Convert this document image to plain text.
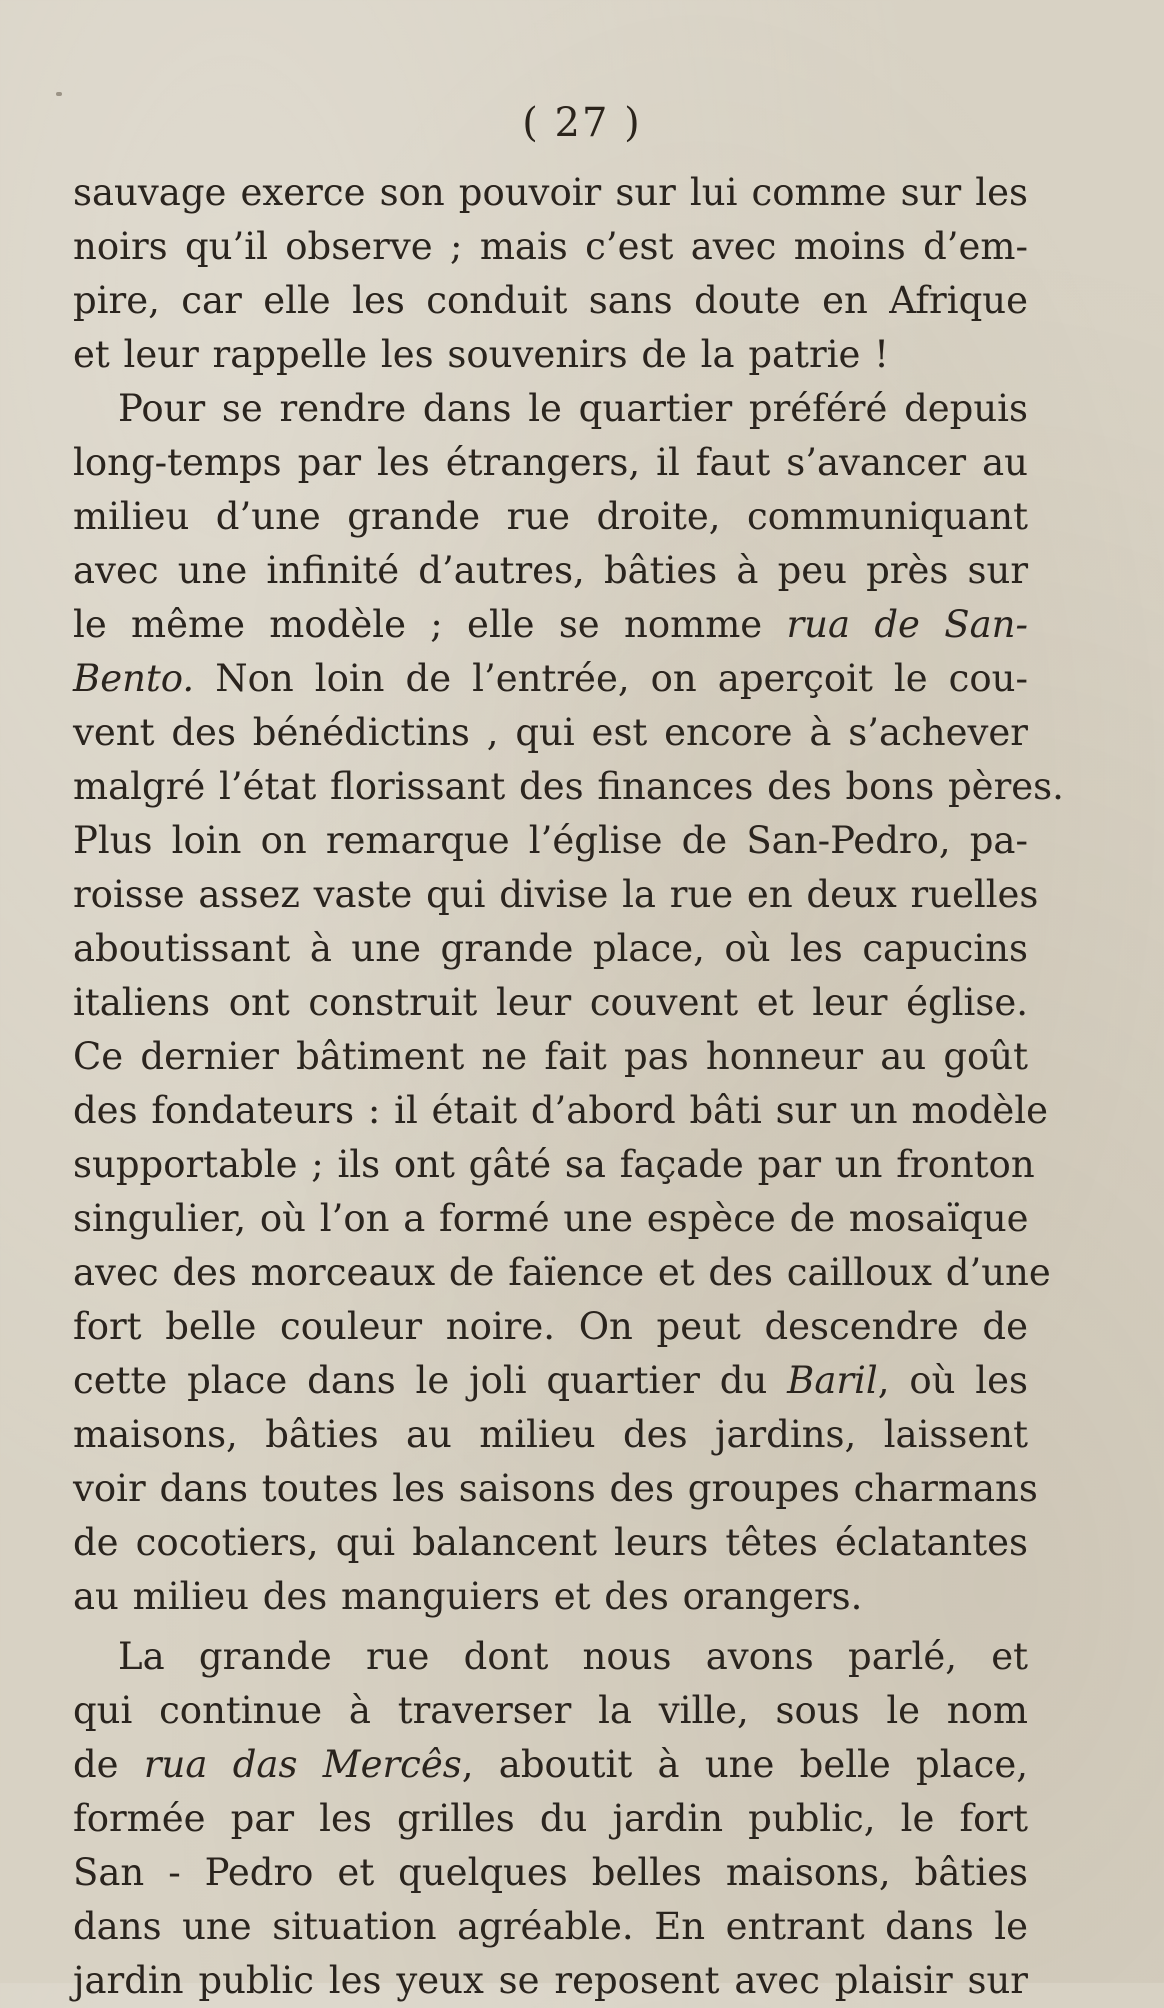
( 27 )
sauvage exerce son pouvoir sur lui comme sur les
noirs qu’il observe ; mais c’est avec moins d’em-
pire, car elle les conduit sans doute en Afrique
et leur rappelle les souvenirs de la patrie !
Pour se rendre dans le quartier préféré depuis
long-temps par les étrangers, il faut s’avancer au
milieu d’une grande rue droite, communiquant
avec une infinité d’autres, bâties à peu près sur
le même modèle ; elle se nomme rua de San-
Bento. Non loin de l’entrée, on aperçoit le cou-
vent des bénédictins , qui est encore à s’achever
malgré l’état florissant des finances des bons pères.
Plus loin on remarque l’église de San-Pedro, pa-
roisse assez vaste qui divise la rue en deux ruelles
aboutissant à une grande place, où les capucins
italiens ont construit leur couvent et leur église.
Ce dernier bâtiment ne fait pas honneur au goût
des fondateurs : il était d’abord bâti sur un modèle
supportable ; ils ont gâté sa façade par un fronton
singulier, où l’on a formé une espèce de mosaïque
avec des morceaux de faïence et des cailloux d’une
fort belle couleur noire. On peut descendre de
cette place dans le joli quartier du Baril, où les
maisons, bâties au milieu des jardins, laissent
voir dans toutes les saisons des groupes charmans
de cocotiers, qui balancent leurs têtes éclatantes
au milieu des manguiers et des orangers.
La grande rue dont nous avons parlé, et
qui continue à traverser la ville, sous le nom
de rua das Mercês, aboutit à une belle place,
formée par les grilles du jardin public, le fort
San - Pedro et quelques belles maisons, bâties
dans une situation agréable. En entrant dans le
jardin public les yeux se reposent avec plaisir sur
